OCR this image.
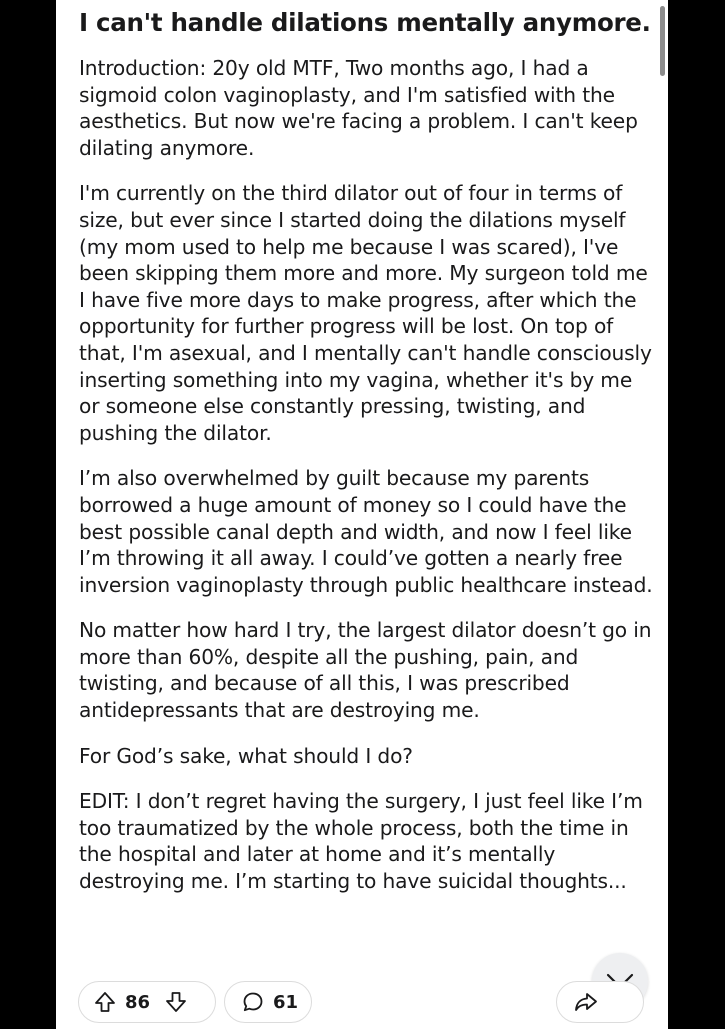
I can't handle dilations mentally anymore.

Introduction: 20y old MTF, Two months ago, I had a sigmoid colon vaginoplasty, and I'm satisfied with the aesthetics. But now we're facing a problem. I can't keep dilating anymore.

I'm currently on the third dilator out of four in terms of size, but ever since I started doing the dilations myself (my mom used to help me because I was scared), I've been skipping them more and more. My surgeon told me I have five more days to make progress, after which the opportunity for further progress will be lost. On top of that, I'm asexual, and I mentally can't handle consciously inserting something into my vagina, whether it's by me or someone else constantly pressing, twisting, and pushing the dilator.

I’m also overwhelmed by guilt because my parents borrowed a huge amount of money so I could have the best possible canal depth and width, and now I feel like I’m throwing it all away. I could’ve gotten a nearly free inversion vaginoplasty through public healthcare instead.

No matter how hard I try, the largest dilator doesn’t go in more than 60%, despite all the pushing, pain, and twisting, and because of all this, I was prescribed antidepressants that are destroying me.

For God’s sake, what should I do?

EDIT: I don’t regret having the surgery, I just feel like I’m too traumatized by the whole process, both the time in the hospital and later at home and it’s mentally destroying me. I’m starting to have suicidal thoughts...

86	61
